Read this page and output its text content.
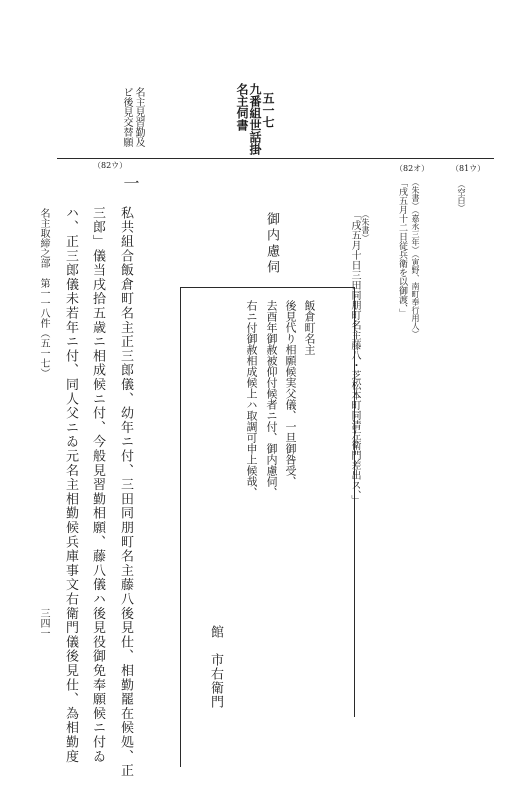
五一七
九番組世話掛
名主伺書
名主見習勤及
ビ後見交替願
（81ウ）
（82オ）
（82ウ）
（空白）
（朱書）（嘉永三年）（寅野、南町奉行用人）
「戌五月十二日従兵衛を以御渡、」
（朱書）
「戌五月十日三田同朋町名主藤八・芝松本町同清左衛門差出ス、」
御内慮伺
飯倉町名主
後見代り相願候実父儀、一旦御咎受、
去酉年御赦被仰付候者ニ付、御内慮伺、
右ニ付御赦相成候上ハ取調可申上候哉、
館　市右衛門
一
私共組合飯倉町名主正三郎儀、幼年ニ付、三田同朋町名主藤八後見仕、相勤罷在候処、正
三郎」儀当戌拾五歳ニ相成候ニ付、今般見習勤相願、藤八儀ハ後見役御免奉願候ニ付ゐ
ハ、正三郎儀未若年ニ付、同人父ニゐ元名主相勤候兵庫事文右衛門儀後見仕、為相勤度
名主取締之部　第一一八件（五一七）
三四一
